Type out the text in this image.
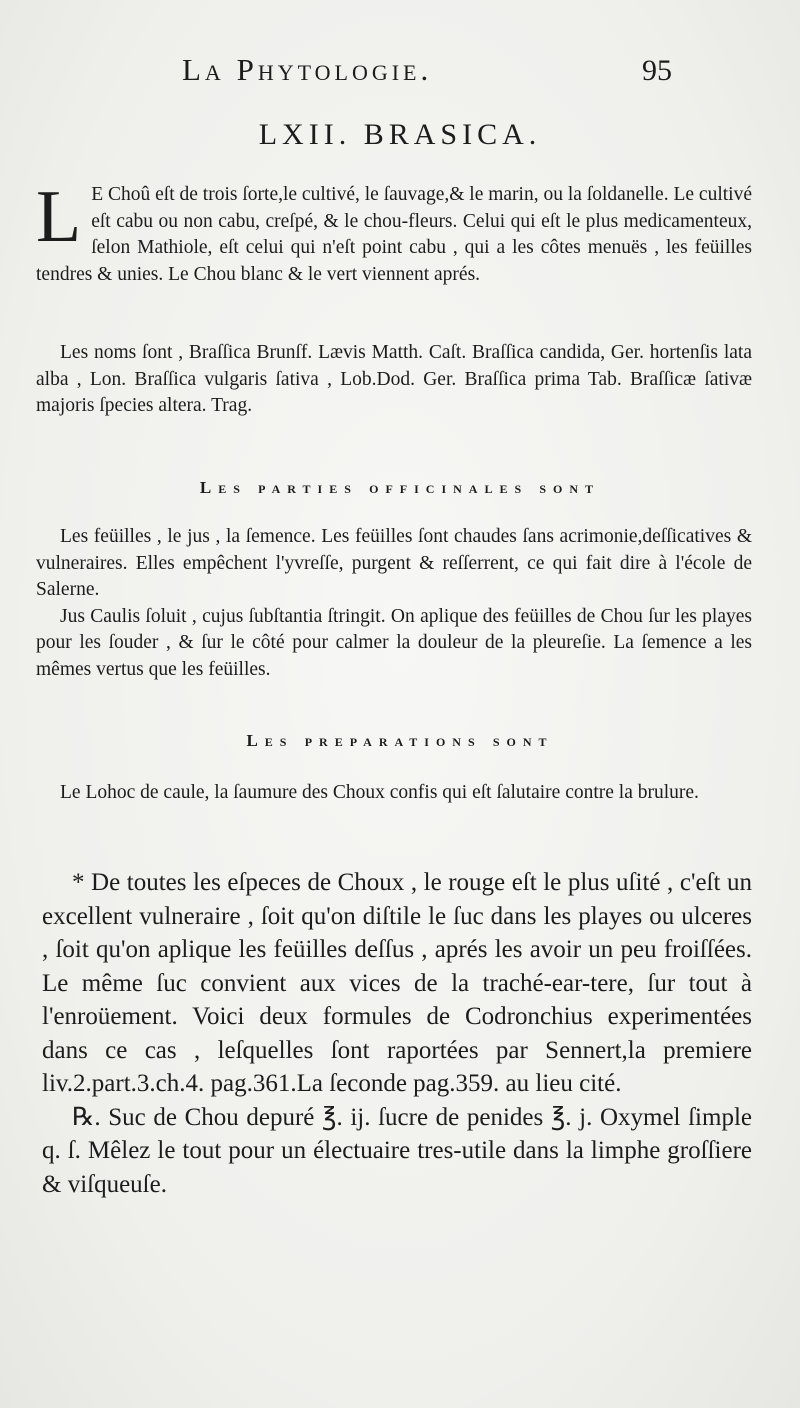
La Phytologie.	95
LXII. BRASICA.
L E Choû eſt de trois ſorte,le cultivé, le ſauvage,& le marin, ou la ſoldanelle. Le cultivé eſt cabu ou non cabu, creſpé, & le chou-fleurs. Celui qui eſt le plus medicamenteux, ſelon Mathiole, eſt celui qui n'eſt point cabu , qui a les côtes menuës , les feüilles tendres & unies. Le Chou blanc & le vert viennent aprés.

Les noms ſont , Braſſica Brunſf. Lævis Matth. Caſt. Braſſica candida, Ger. hortenſis lata alba , Lon. Braſſica vulgaris ſativa , Lob.Dod. Ger. Braſſica prima Tab. Braſſicæ ſativæ majoris ſpecies altera. Trag.

Les parties officinales sont

Les feüilles , le jus , la ſemence. Les feüilles ſont chaudes ſans acrimonie,deſſicatives & vulneraires. Elles empêchent l'yvreſſe, purgent & reſſerrent, ce qui fait dire à l'école de Salerne.

Jus Caulis ſoluit , cujus ſubſtantia ſtringit. On aplique des feüilles de Chou ſur les playes pour les ſouder , & ſur le côté pour calmer la douleur de la pleureſie. La ſemence a les mêmes vertus que les feüilles.

Les preparations sont

Le Lohoc de caule, la ſaumure des Choux confis qui eſt ſalutaire contre la brulure.

* De toutes les eſpeces de Choux , le rouge eſt le plus uſité , c'eſt un excellent vulneraire , ſoit qu'on diſtile le ſuc dans les playes ou ulceres , ſoit qu'on aplique les feüilles deſſus , aprés les avoir un peu froiſſées. Le même ſuc convient aux vices de la traché-ear-tere, ſur tout à l'enroüement. Voici deux formules de Codronchius experimentées dans ce cas , leſquelles ſont raportées par Sennert,la premiere liv.2.part.3.ch.4. pag.361.La ſeconde pag.359. au lieu cité.

℞. Suc de Chou depuré ℥. ij. ſucre de penides ℥. j. Oxymel ſimple q. ſ. Mêlez le tout pour un électuaire tres-utile dans la limphe groſſiere & viſqueuſe.
